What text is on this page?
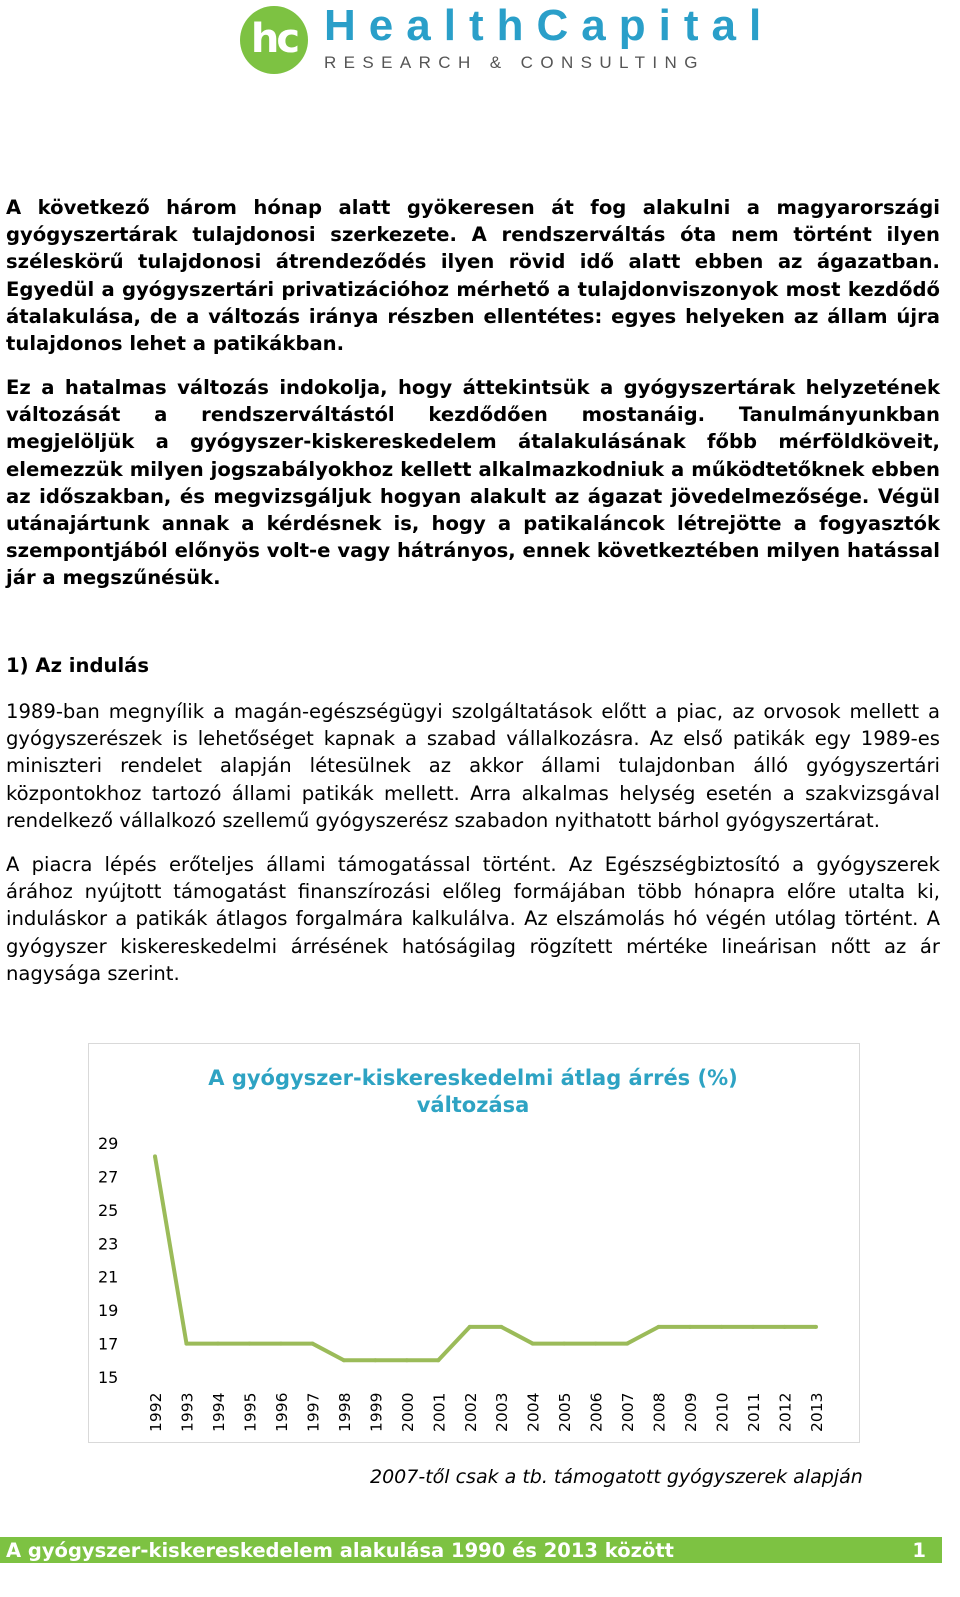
hc HealthCapital
RESEARCH & CONSULTING

A következő három hónap alatt gyökeresen át fog alakulni a magyarországi gyógyszertárak tulajdonosi szerkezete. A rendszerváltás óta nem történt ilyen széleskörű tulajdonosi átrendeződés ilyen rövid idő alatt ebben az ágazatban. Egyedül a gyógyszertári privatizációhoz mérhető a tulajdonviszonyok most kezdődő átalakulása, de a változás iránya részben ellentétes: egyes helyeken az állam újra tulajdonos lehet a patikákban.

Ez a hatalmas változás indokolja, hogy áttekintsük a gyógyszertárak helyzetének változását a rendszerváltástól kezdődően mostanáig. Tanulmányunkban megjelöljük a gyógyszer-kiskereskedelem átalakulásának főbb mérföldköveit, elemezzük milyen jogszabályokhoz kellett alkalmazkodniuk a működtetőknek ebben az időszakban, és megvizsgáljuk hogyan alakult az ágazat jövedelmezősége. Végül utánajártunk annak a kérdésnek is, hogy a patikaláncok létrejötte a fogyasztók szempontjából előnyös volt-e vagy hátrányos, ennek következtében milyen hatással jár a megszűnésük.

1) Az indulás

1989-ban megnyílik a magán-egészségügyi szolgáltatások előtt a piac, az orvosok mellett a gyógyszerészek is lehetőséget kapnak a szabad vállalkozásra. Az első patikák egy 1989-es miniszteri rendelet alapján létesülnek az akkor állami tulajdonban álló gyógyszertári központokhoz tartozó állami patikák mellett. Arra alkalmas helység esetén a szakvizsgával rendelkező vállalkozó szellemű gyógyszerész szabadon nyithatott bárhol gyógyszertárat.

A piacra lépés erőteljes állami támogatással történt. Az Egészségbiztosító a gyógyszerek árához nyújtott támogatást finanszírozási előleg formájában több hónapra előre utalta ki, induláskor a patikák átlagos forgalmára kalkulálva. Az elszámolás hó végén utólag történt. A gyógyszer kiskereskedelmi árrésének hatóságilag rögzített mértéke lineárisan nőtt az ár nagysága szerint.

A gyógyszer-kiskereskedelmi átlag árrés (%)
változása
29
27
25
23
21
19
17
15
1992 1993 1994 1995 1996 1997 1998 1999 2000 2001 2002 2003 2004 2005 2006 2007 2008 2009 2010 2011 2012 2013
2007-től csak a tb. támogatott gyógyszerek alapján
A gyógyszer-kiskereskedelem alakulása 1990 és 2013 között	1
